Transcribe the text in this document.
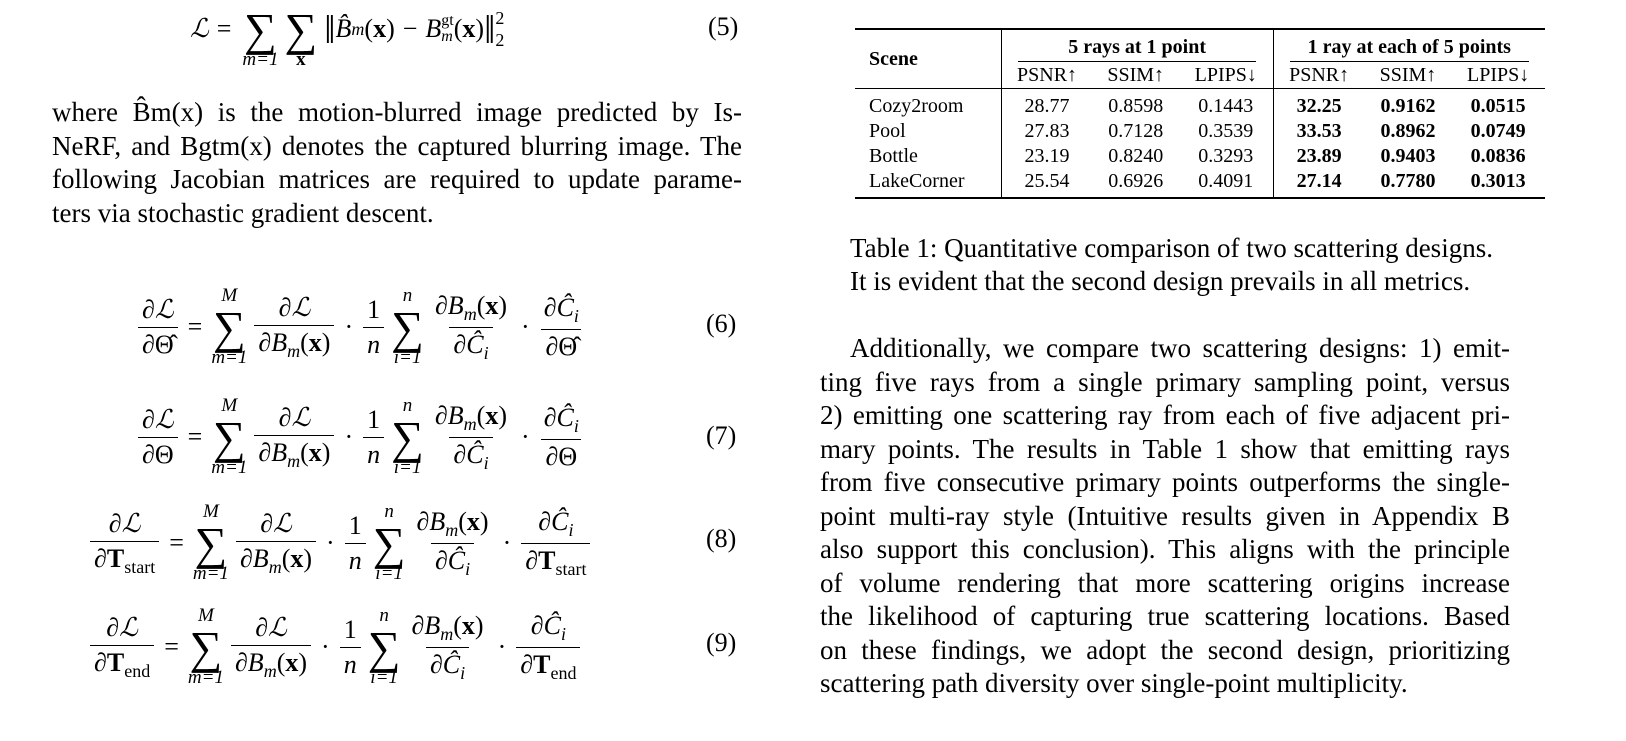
ℒ = ∑
m=1
∑
x
‖ B̂ m ( x ) − B gt
m ( x ) ‖ 2
2	(5)
where B̂m(x) is the motion-blurred image predicted by Is-
NeRF, and Bgtm(x) denotes the captured blurring image. The
following Jacobian matrices are required to update parame-
ters via stochastic gradient descent.
$\frac{\text{∂ℒ}}{\partial\Thetâ}$ =
M
∑
$m=1 \frac{\text{∂ℒ}}{\partial B_m(x)} \cdot \frac{1}{n}$ n
∑
$i=1 \frac{\partial B_m(x)}{\partial Ĉ_i} \cdot \frac{\partial Ĉ_i}{\partial\Thetâ}$	(6)
$\frac{\text{∂ℒ}}{\partial\Theta}$ =
M
∑
$m=1 \frac{\text{∂ℒ}}{\partial B_m(x)} \cdot \frac{1}{n}$ n
∑
$i=1 \frac{\partial B_m(x)}{\partial Ĉ_i} \cdot \frac{\partial Ĉ_i}{\partial\Theta}$	(7)
$\frac{\text{∂ℒ}}{\partial T_{start}}$ =
M
∑
$m=1 \frac{\text{∂ℒ}}{\partial B_m(x)} \cdot \frac{1}{n}$ n
∑
$i=1 \frac{\partial B_m(x)}{\partial Ĉ_i} \cdot \frac{\partial Ĉ_i}{\partial T_{start}}$	(8)
$\frac{\text{∂ℒ}}{\partial T_{end}}$ =
M
∑
$m=1 \frac{\text{∂ℒ}}{\partial B_m(x)} \cdot \frac{1}{n}$ n
∑
$i=1 \frac{\partial B_m(x)}{\partial Ĉ_i} \cdot \frac{\partial Ĉ_i}{\partial T_{end}}$	(9)
Scene	5 rays at 1 point			1 ray at each of 5 points		
	PSNR↑	SSIM↑	LPIPS↓	PSNR↑	SSIM↑	LPIPS↓
Cozy2room	28.77	0.8598	0.1443	32.25	0.9162	0.0515
Pool	27.83	0.7128	0.3539	33.53	0.8962	0.0749
Bottle	23.19	0.8240	0.3293	23.89	0.9403	0.0836
LakeCorner	25.54	0.6926	0.4091	27.14	0.7780	0.3013
Table 1: Quantitative comparison of two scattering designs.
It is evident that the second design prevails in all metrics.
Additionally, we compare two scattering designs: 1) emit-
ting five rays from a single primary sampling point, versus
2) emitting one scattering ray from each of five adjacent pri-
mary points. The results in Table 1 show that emitting rays
from five consecutive primary points outperforms the single-
point multi-ray style (Intuitive results given in Appendix B
also support this conclusion). This aligns with the principle
of volume rendering that more scattering origins increase
the likelihood of capturing true scattering locations. Based
on these findings, we adopt the second design, prioritizing
scattering path diversity over single-point multiplicity.
